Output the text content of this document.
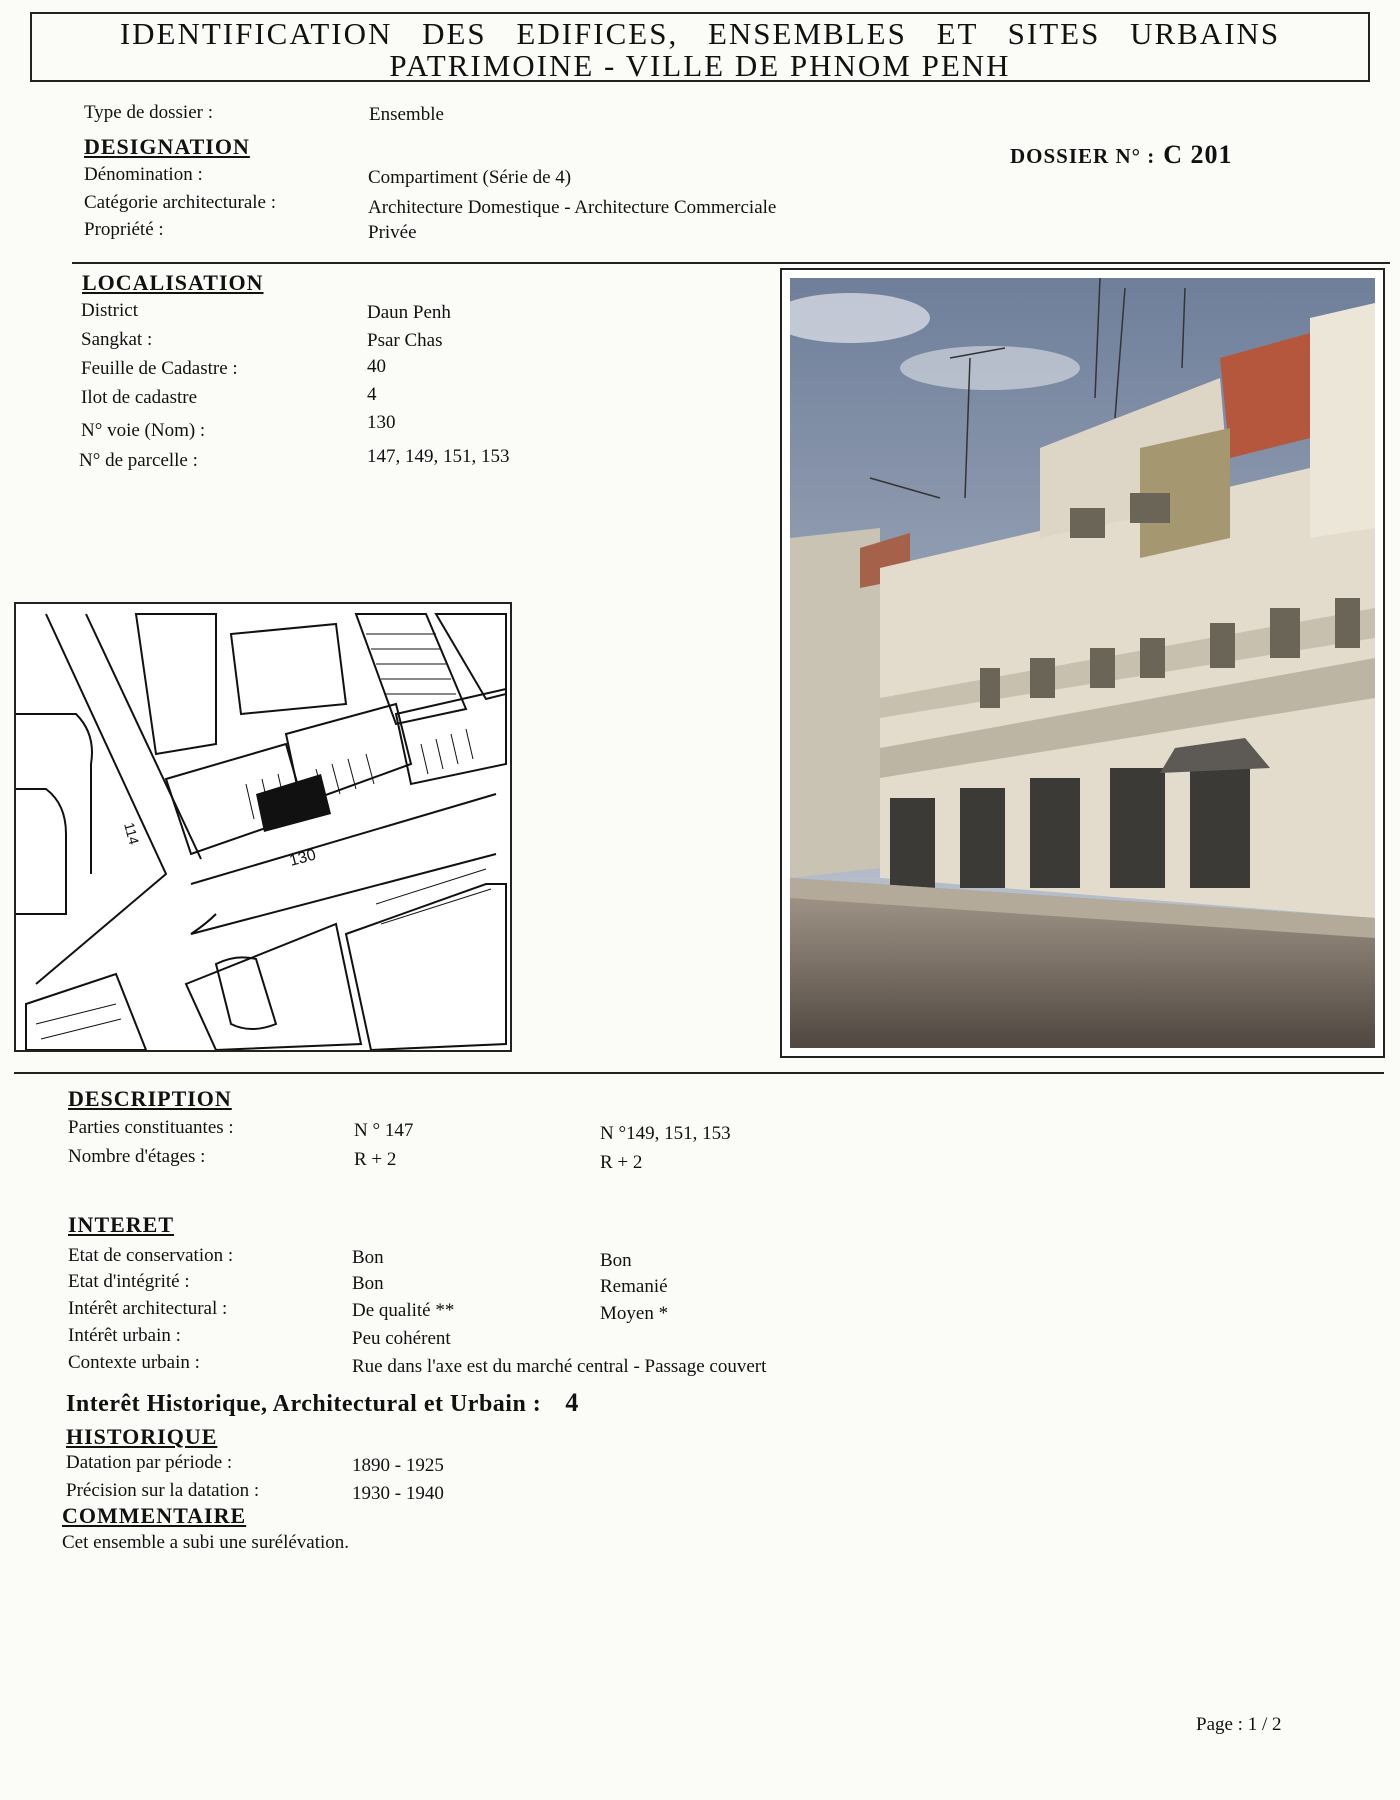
IDENTIFICATION DES EDIFICES, ENSEMBLES ET SITES URBAINS
PATRIMOINE - VILLE DE PHNOM PENH
Type de dossier :	Ensemble
DOSSIER N° : C 201
DESIGNATION
Dénomination :	Compartiment (Série de 4)
Catégorie architecturale :	Architecture Domestique - Architecture Commerciale
Propriété :	Privée
LOCALISATION
District	Daun Penh
Sangkat :	Psar Chas
Feuille de Cadastre :	40
Ilot de cadastre	4
N° voie (Nom) :	130
N° de parcelle :	147, 149, 151, 153
130
114
DESCRIPTION
Parties constituantes :	N ° 147	N °149, 151, 153
Nombre d'étages :	R + 2	R + 2
INTERET
Etat de conservation :	Bon	Bon
Etat d'intégrité :	Bon	Remanié
Intérêt architectural :	De qualité **	Moyen *
Intérêt urbain :	Peu cohérent
Contexte urbain :	Rue dans l'axe est du marché central - Passage couvert
Interêt Historique, Architectural et Urbain : 4
HISTORIQUE
Datation par période :	1890 - 1925
Précision sur la datation :	1930 - 1940
COMMENTAIRE
Cet ensemble a subi une surélévation.
Page : 1 / 2
